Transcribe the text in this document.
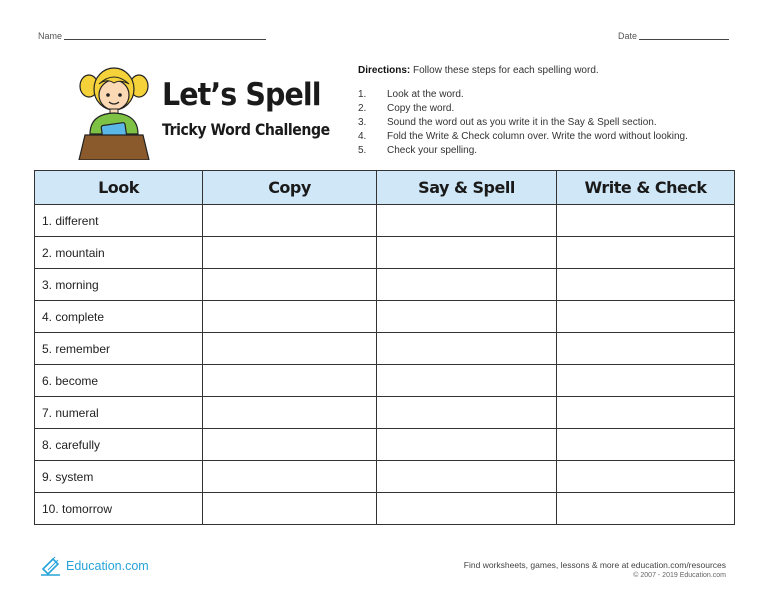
Name	Date
Let’s Spell
Tricky Word Challenge
Directions: Follow these steps for each spelling word.
1.	Look at the word.
2.	Copy the word.
3.	Sound the word out as you write it in the Say & Spell section.
4.	Fold the Write & Check column over. Write the word without looking.
5.	Check your spelling.
Look	Copy	Say & Spell	Write & Check
1. different			
2. mountain			
3. morning			
4. complete			
5. remember			
6. become			
7. numeral			
8. carefully			
9. system			
10. tomorrow			
Education.com	Find worksheets, games, lessons & more at education.com/resources
© 2007 - 2019 Education.com
